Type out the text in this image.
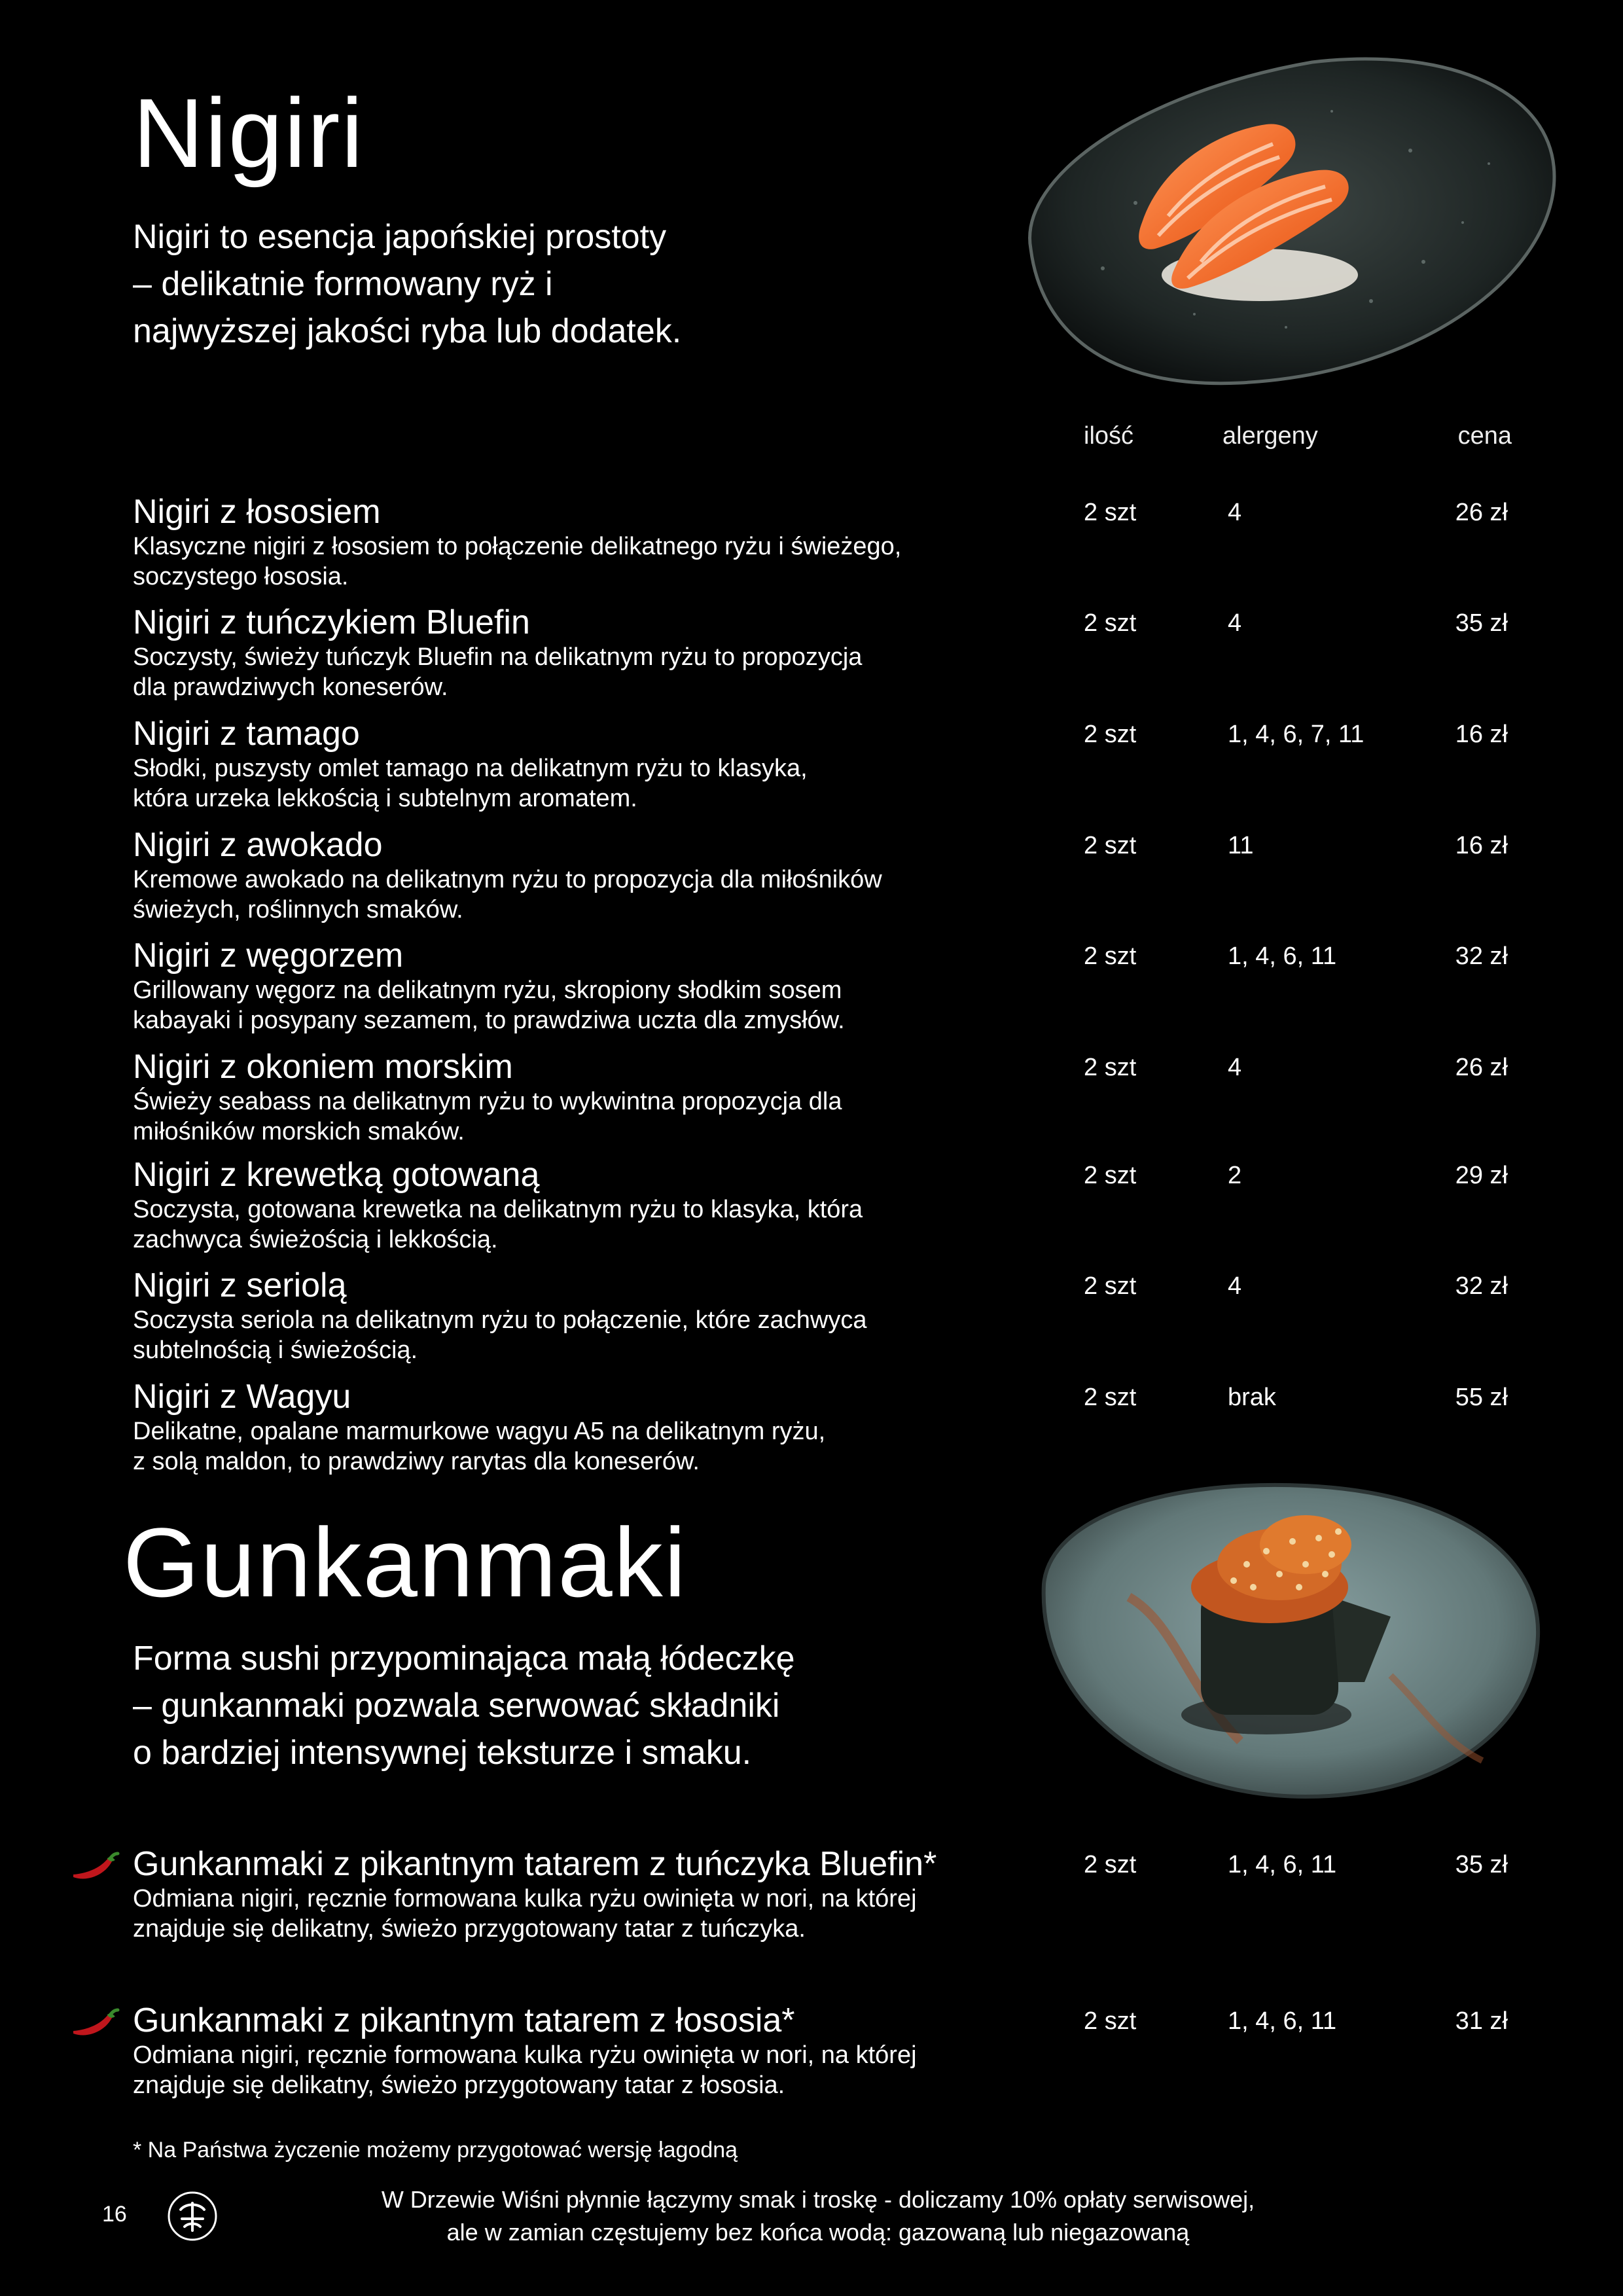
Nigiri
Nigiri to esencja japońskiej prostoty
– delikatnie formowany ryż i
najwyższej jakości ryba lub dodatek.
ilość	alergeny	cena
Nigiri z łososiem
Klasyczne nigiri z łososiem to połączenie delikatnego ryżu i świeżego,
soczystego łososia.
2 szt	4	26 zł
Nigiri z tuńczykiem Bluefin
Soczysty, świeży tuńczyk Bluefin na delikatnym ryżu to propozycja
dla prawdziwych koneserów.
2 szt	4	35 zł
Nigiri z tamago
Słodki, puszysty omlet tamago na delikatnym ryżu to klasyka,
która urzeka lekkością i subtelnym aromatem.
2 szt	1, 4, 6, 7, 11	16 zł
Nigiri z awokado
Kremowe awokado na delikatnym ryżu to propozycja dla miłośników
świeżych, roślinnych smaków.
2 szt	11	16 zł
Nigiri z węgorzem
Grillowany węgorz na delikatnym ryżu, skropiony słodkim sosem
kabayaki i posypany sezamem, to prawdziwa uczta dla zmysłów.
2 szt	1, 4, 6, 11	32 zł
Nigiri z okoniem morskim
Świeży seabass na delikatnym ryżu to wykwintna propozycja dla
miłośników morskich smaków.
2 szt	4	26 zł
Nigiri z krewetką gotowaną
Soczysta, gotowana krewetka na delikatnym ryżu to klasyka, która
zachwyca świeżością i lekkością.
2 szt	2	29 zł
Nigiri z seriolą
Soczysta seriola na delikatnym ryżu to połączenie, które zachwyca
subtelnością i świeżością.
2 szt	4	32 zł
Nigiri z Wagyu
Delikatne, opalane marmurkowe wagyu A5 na delikatnym ryżu,
z solą maldon, to prawdziwy rarytas dla koneserów.
2 szt	brak	55 zł
Gunkanmaki
Forma sushi przypominająca małą łódeczkę
– gunkanmaki pozwala serwować składniki
o bardziej intensywnej teksturze i smaku.
Gunkanmaki z pikantnym tatarem z tuńczyka Bluefin*
Odmiana nigiri, ręcznie formowana kulka ryżu owinięta w nori, na której
znajduje się delikatny, świeżo przygotowany tatar z tuńczyka.
2 szt	1, 4, 6, 11	35 zł
Gunkanmaki z pikantnym tatarem z łososia*
Odmiana nigiri, ręcznie formowana kulka ryżu owinięta w nori, na której
znajduje się delikatny, świeżo przygotowany tatar z łososia.
2 szt	1, 4, 6, 11	31 zł
* Na Państwa życzenie możemy przygotować wersję łagodną
16
W Drzewie Wiśni płynnie łączymy smak i troskę - doliczamy 10% opłaty serwisowej,
ale w zamian częstujemy bez końca wodą: gazowaną lub niegazowaną
